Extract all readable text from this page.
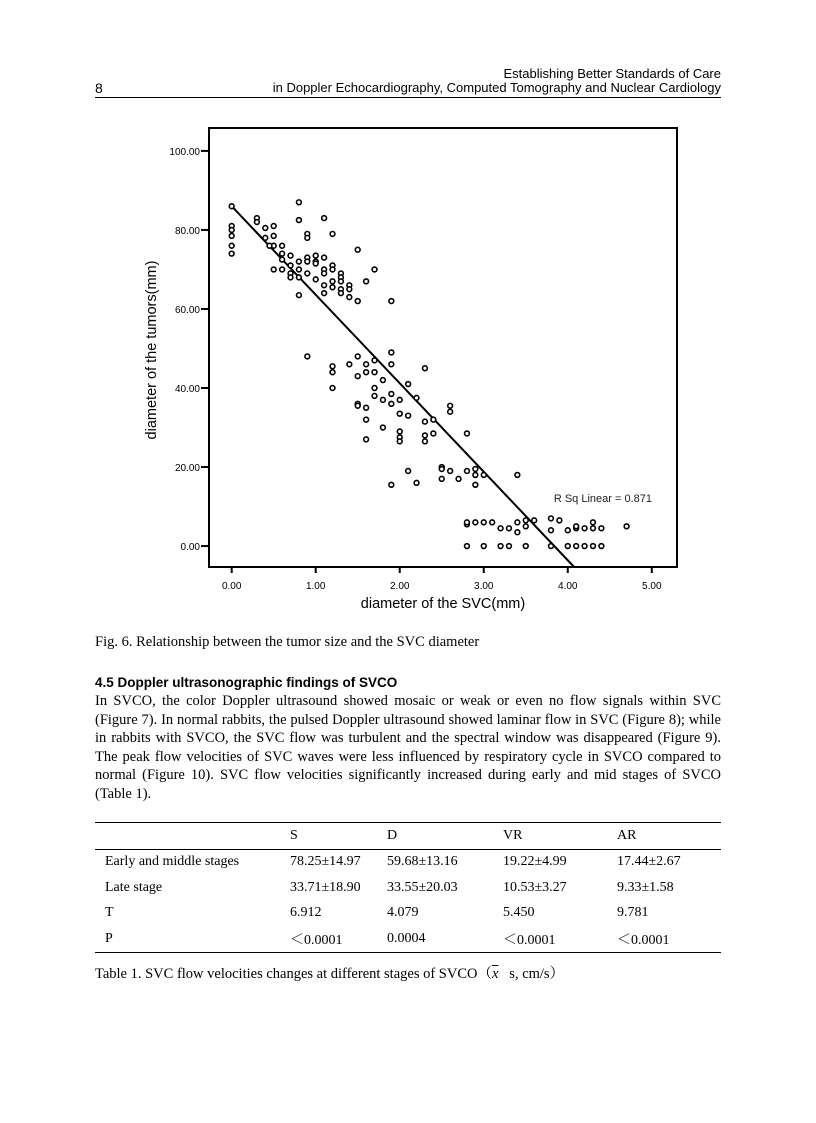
8
Establishing Better Standards of Care
in Doppler Echocardiography, Computed Tomography and Nuclear Cardiology
0.00	1.00	2.00	3.00	4.00	5.00
0.00
20.00
40.00
60.00
80.00
100.00
diameter of the SVC(mm)
diameter of the tumors(mm)
R Sq Linear = 0.871
Fig. 6. Relationship between the tumor size and the SVC diameter
4.5 Doppler ultrasonographic findings of SVCO
In SVCO, the color Doppler ultrasound showed mosaic or weak or even no flow signals within SVC (Figure 7). In normal rabbits, the pulsed Doppler ultrasound showed laminar flow in SVC (Figure 8); while in rabbits with SVCO, the SVC flow was turbulent and the spectral window was disappeared (Figure 9). The peak flow velocities of SVC waves were less influenced by respiratory cycle in SVCO compared to normal (Figure 10). SVC flow velocities significantly increased during early and mid stages of SVCO (Table 1).
	S	D	VR	AR
Early and middle stages	78.25±14.97	59.68±13.16	19.22±4.99	17.44±2.67
Late stage	33.71±18.90	33.55±20.03	10.53±3.27	9.33±1.58
T	6.912	4.079	5.450	9.781
P	＜0.0001	0.0004	＜0.0001	＜0.0001
Table 1. SVC flow velocities changes at different stages of $SVCO(\overline{x}$   s, cm/s）
